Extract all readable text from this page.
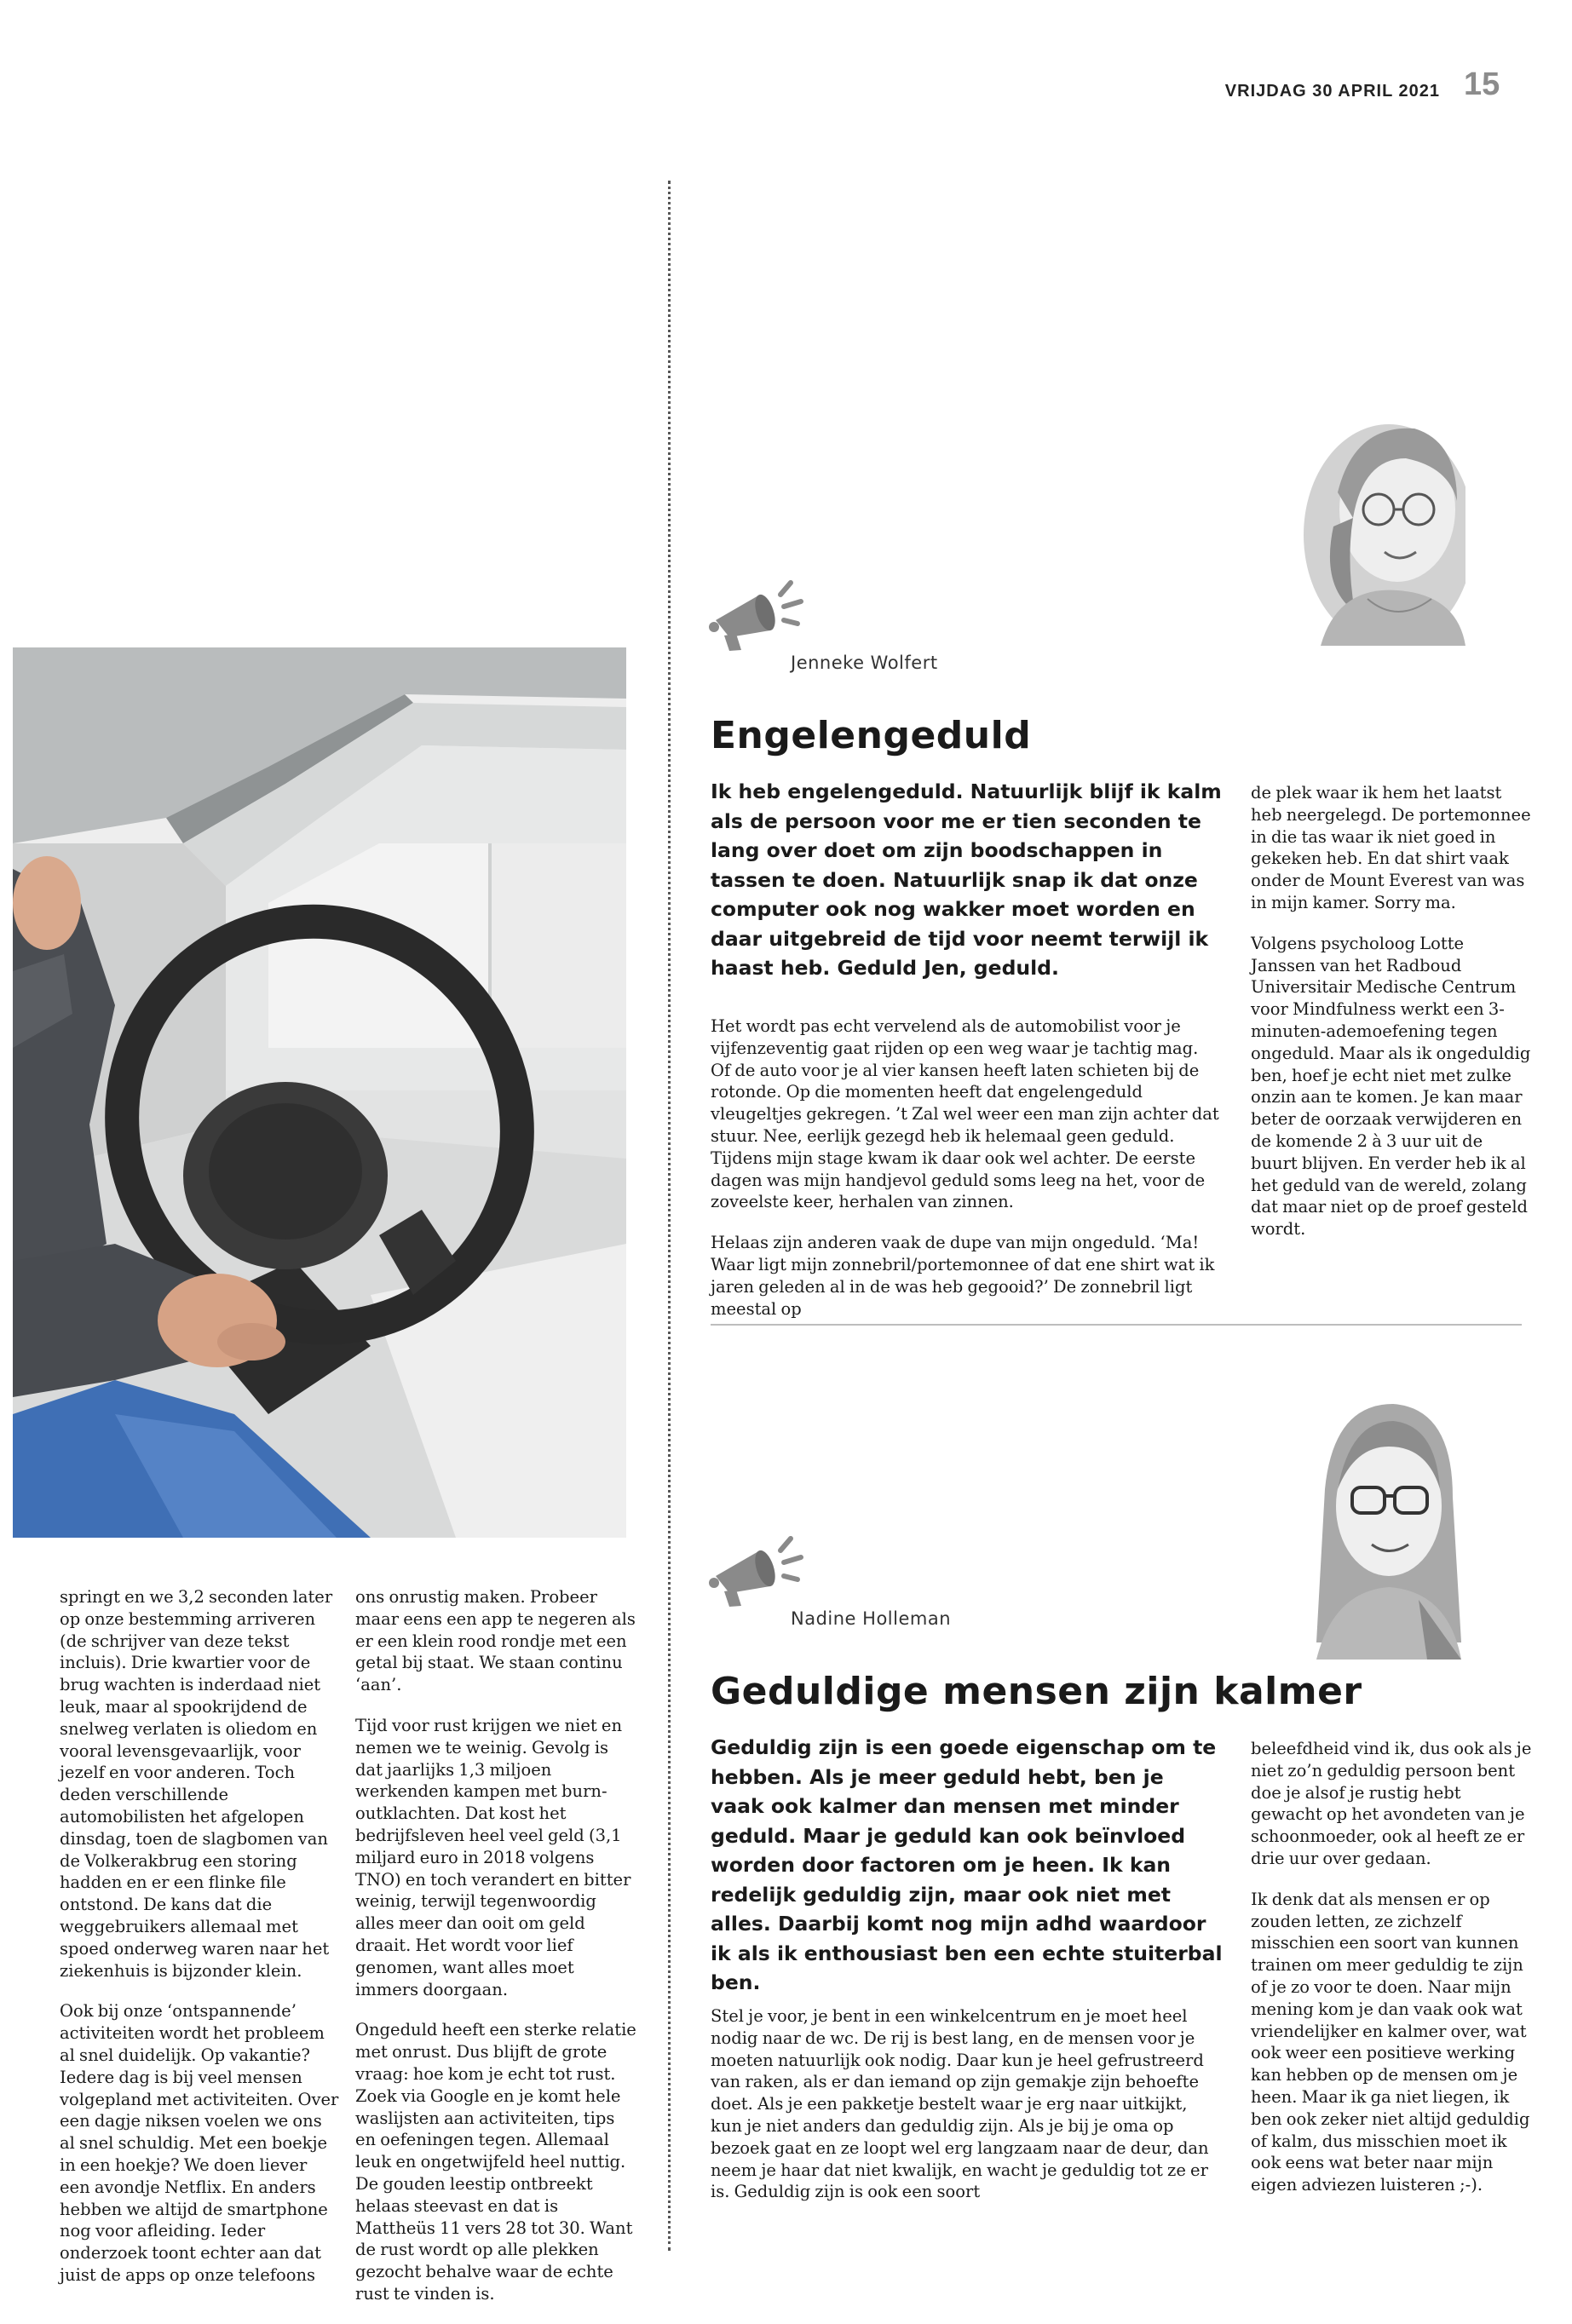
VRIJDAG 30 APRIL 2021 15

springt en we 3,2 seconden later op onze bestemming arriveren (de schrijver van deze tekst incluis). Drie kwartier voor de brug wachten is inderdaad niet leuk, maar al spookrijdend de snelweg verlaten is oliedom en vooral levensgevaarlijk, voor jezelf en voor anderen. Toch deden verschillende automobilisten het afgelopen dinsdag, toen de slagbomen van de Volkerakbrug een storing hadden en er een flinke file ontstond. De kans dat die weggebruikers allemaal met spoed onderweg waren naar het ziekenhuis is bijzonder klein.

Ook bij onze ‘ontspannende’ activiteiten wordt het probleem al snel duidelijk. Op vakantie? Iedere dag is bij veel mensen volgepland met activiteiten. Over een dagje niksen voelen we ons al snel schuldig. Met een boekje in een hoekje? We doen liever een avondje Netflix. En anders hebben we altijd de smartphone nog voor afleiding. Ieder onderzoek toont echter aan dat juist de apps op onze telefoons

ons onrustig maken. Probeer maar eens een app te negeren als er een klein rood rondje met een getal bij staat. We staan continu ‘aan’.

Tijd voor rust krijgen we niet en nemen we te weinig. Gevolg is dat jaarlijks 1,3 miljoen werkenden kampen met burn-outklachten. Dat kost het bedrijfsleven heel veel geld (3,1 miljard euro in 2018 volgens TNO) en toch verandert en bitter weinig, terwijl tegenwoordig alles meer dan ooit om geld draait. Het wordt voor lief genomen, want alles moet immers doorgaan.

Ongeduld heeft een sterke relatie met onrust. Dus blijft de grote vraag: hoe kom je echt tot rust. Zoek via Google en je komt hele waslijsten aan activiteiten, tips en oefeningen tegen. Allemaal leuk en ongetwijfeld heel nuttig. De gouden leestip ontbreekt helaas steevast en dat is Mattheüs 11 vers 28 tot 30. Want de rust wordt op alle plekken gezocht behalve waar de echte rust te vinden is.

Jenneke Wolfert
Engelengeduld

Ik heb engelengeduld. Natuurlijk blijf ik kalm als de persoon voor me er tien seconden te lang over doet om zijn boodschappen in tassen te doen. Natuurlijk snap ik dat onze computer ook nog wakker moet worden en daar uitgebreid de tijd voor neemt terwijl ik haast heb. Geduld Jen, geduld.

Het wordt pas echt vervelend als de automobilist voor je vijfenzeventig gaat rijden op een weg waar je tachtig mag. Of de auto voor je al vier kansen heeft laten schieten bij de rotonde. Op die momenten heeft dat engelengeduld vleugeltjes gekregen. ’t Zal wel weer een man zijn achter dat stuur. Nee, eerlijk gezegd heb ik helemaal geen geduld. Tijdens mijn stage kwam ik daar ook wel achter. De eerste dagen was mijn handjevol geduld soms leeg na het, voor de zoveelste keer, herhalen van zinnen.

Helaas zijn anderen vaak de dupe van mijn ongeduld. ‘Ma! Waar ligt mijn zonnebril/portemonnee of dat ene shirt wat ik jaren geleden al in de was heb gegooid?’ De zonnebril ligt meestal op

de plek waar ik hem het laatst heb neergelegd. De portemonnee in die tas waar ik niet goed in gekeken heb. En dat shirt vaak onder de Mount Everest van was in mijn kamer. Sorry ma.

Volgens psycholoog Lotte Janssen van het Radboud Universitair Medische Centrum voor Mindfulness werkt een 3-minuten-ademoefening tegen ongeduld. Maar als ik ongeduldig ben, hoef je echt niet met zulke onzin aan te komen. Je kan maar beter de oorzaak verwijderen en de komende 2 à 3 uur uit de buurt blijven. En verder heb ik al het geduld van de wereld, zolang dat maar niet op de proef gesteld wordt.

Nadine Holleman
Geduldige mensen zijn kalmer

Geduldig zijn is een goede eigenschap om te hebben. Als je meer geduld hebt, ben je vaak ook kalmer dan mensen met minder geduld. Maar je geduld kan ook beïnvloed worden door factoren om je heen. Ik kan redelijk geduldig zijn, maar ook niet met alles. Daarbij komt nog mijn adhd waardoor ik als ik enthousiast ben een echte stuiterbal ben.

Stel je voor, je bent in een winkelcentrum en je moet heel nodig naar de wc. De rij is best lang, en de mensen voor je moeten natuurlijk ook nodig. Daar kun je heel gefrustreerd van raken, als er dan iemand op zijn gemakje zijn behoefte doet. Als je een pakketje bestelt waar je erg naar uitkijkt, kun je niet anders dan geduldig zijn. Als je bij je oma op bezoek gaat en ze loopt wel erg langzaam naar de deur, dan neem je haar dat niet kwalijk, en wacht je geduldig tot ze er is. Geduldig zijn is ook een soort

beleefdheid vind ik, dus ook als je niet zo’n geduldig persoon bent doe je alsof je rustig hebt gewacht op het avondeten van je schoonmoeder, ook al heeft ze er drie uur over gedaan.

Ik denk dat als mensen er op zouden letten, ze zichzelf misschien een soort van kunnen trainen om meer geduldig te zijn of je zo voor te doen. Naar mijn mening kom je dan vaak ook wat vriendelijker en kalmer over, wat ook weer een positieve werking kan hebben op de mensen om je heen. Maar ik ga niet liegen, ik ben ook zeker niet altijd geduldig of kalm, dus misschien moet ik ook eens wat beter naar mijn eigen adviezen luisteren ;-).
